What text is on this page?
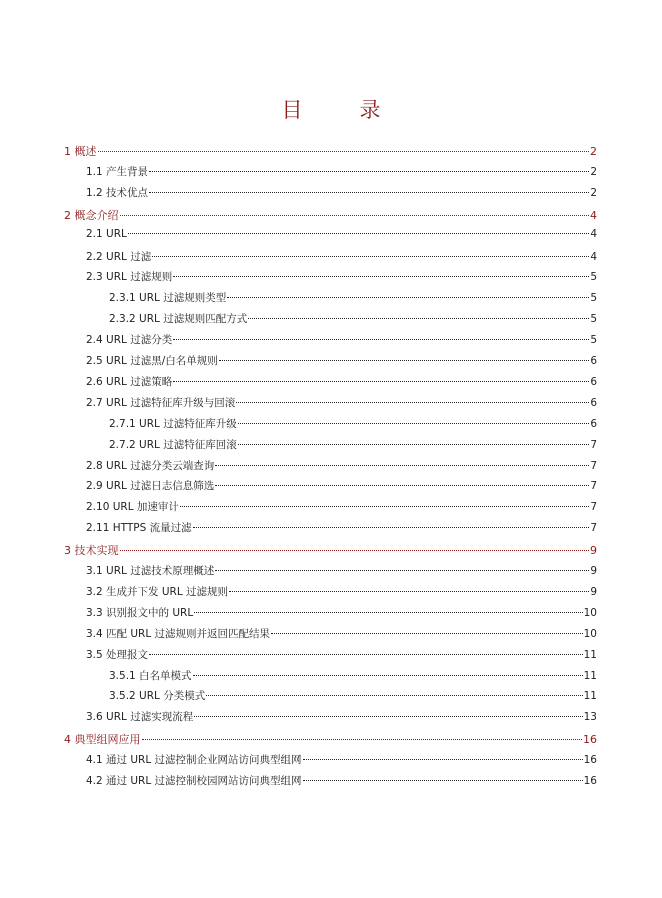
目　录
1 概述	2
1.1 产生背景	2
1.2 技术优点	2
2 概念介绍	4
2.1 URL	4
2.2 URL 过滤	4
2.3 URL 过滤规则	5
2.3.1 URL 过滤规则类型	5
2.3.2 URL 过滤规则匹配方式	5
2.4 URL 过滤分类	5
2.5 URL 过滤黑/白名单规则	6
2.6 URL 过滤策略	6
2.7 URL 过滤特征库升级与回滚	6
2.7.1 URL 过滤特征库升级	6
2.7.2 URL 过滤特征库回滚	7
2.8 URL 过滤分类云端查询	7
2.9 URL 过滤日志信息筛选	7
2.10 URL 加速审计	7
2.11 HTTPS 流量过滤	7
3 技术实现	9
3.1 URL 过滤技术原理概述	9
3.2 生成并下发 URL 过滤规则	9
3.3 识别报文中的 URL	10
3.4 匹配 URL 过滤规则并返回匹配结果	10
3.5 处理报文	11
3.5.1 白名单模式	11
3.5.2 URL 分类模式	11
3.6 URL 过滤实现流程	13
4 典型组网应用	16
4.1 通过 URL 过滤控制企业网站访问典型组网	16
4.2 通过 URL 过滤控制校园网站访问典型组网	16
